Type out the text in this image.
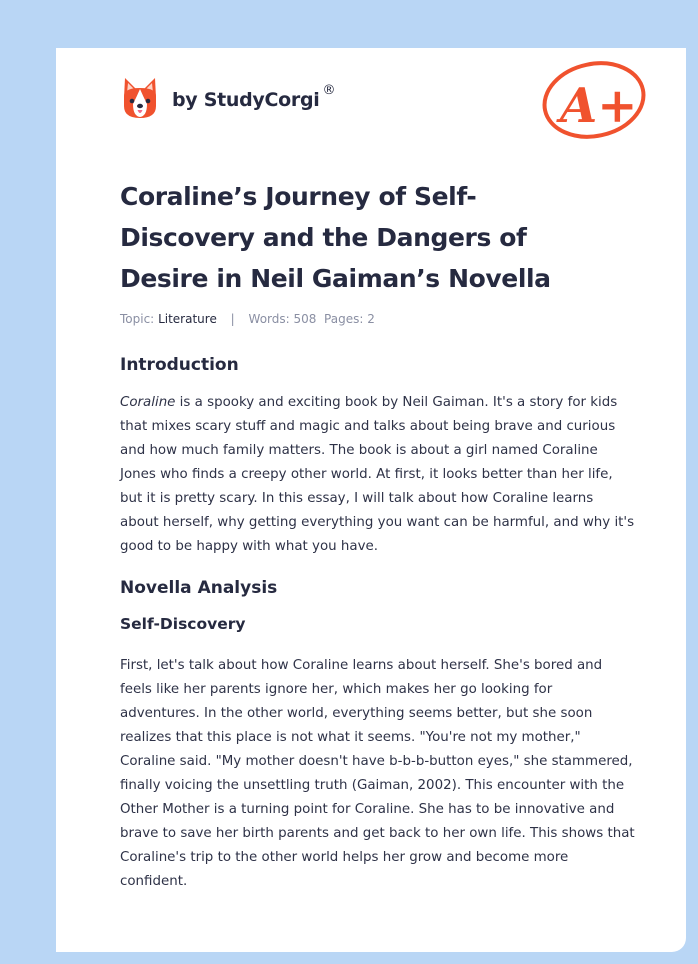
by StudyCorgi ®	A+
Coraline’s Journey of Self-Discovery and the Dangers of Desire in Neil Gaiman’s Novella
Topic: Literature | Words: 508 Pages: 2
Introduction

Coraline is a spooky and exciting book by Neil Gaiman. It's a story for kids that mixes scary stuff and magic and talks about being brave and curious and how much family matters. The book is about a girl named Coraline Jones who finds a creepy other world. At first, it looks better than her life, but it is pretty scary. In this essay, I will talk about how Coraline learns about herself, why getting everything you want can be harmful, and why it's good to be happy with what you have.

Novella Analysis
Self-Discovery

First, let's talk about how Coraline learns about herself. She's bored and feels like her parents ignore her, which makes her go looking for adventures. In the other world, everything seems better, but she soon realizes that this place is not what it seems. "You're not my mother," Coraline said. "My mother doesn't have b-b-b-button eyes," she stammered, finally voicing the unsettling truth (Gaiman, 2002). This encounter with the Other Mother is a turning point for Coraline. She has to be innovative and brave to save her birth parents and get back to her own life. This shows that Coraline's trip to the other world helps her grow and become more confident.
